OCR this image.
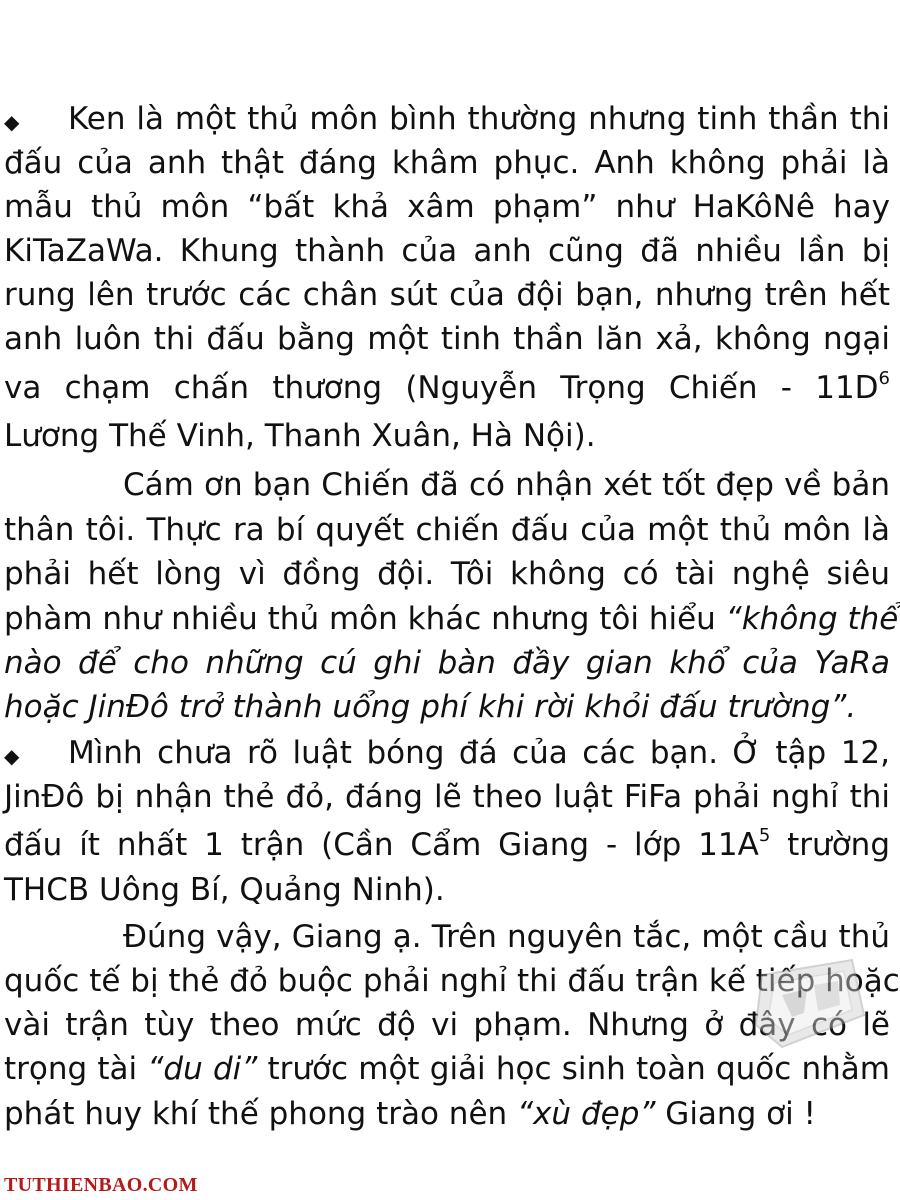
◆ Ken là một thủ môn bình thường nhưng tinh thần thi
đấu của anh thật đáng khâm phục. Anh không phải là
mẫu thủ môn “bất khả xâm phạm” như HaKôNê hay
KiTaZaWa. Khung thành của anh cũng đã nhiều lần bị
rung lên trước các chân sút của đội bạn, nhưng trên hết
anh luôn thi đấu bằng một tinh thần lăn xả, không ngại
va chạm chấn thương (Nguyễn Trọng Chiến - $11D^6$
Lương Thế Vinh, Thanh Xuân, Hà Nội).
Cám ơn bạn Chiến đã có nhận xét tốt đẹp về bản
thân tôi. Thực ra bí quyết chiến đấu của một thủ môn là
phải hết lòng vì đồng đội. Tôi không có tài nghệ siêu
phàm như nhiều thủ môn khác nhưng tôi hiểu “không thể
nào để cho những cú ghi bàn đầy gian khổ của YaRa
hoặc JinĐô trở thành uổng phí khi rời khỏi đấu trường”.
◆ Mình chưa rõ luật bóng đá của các bạn. Ở tập 12,
JinĐô bị nhận thẻ đỏ, đáng lẽ theo luật FiFa phải nghỉ thi
đấu ít nhất 1 trận (Cần Cẩm Giang - lớp $11A^5$ trường
THCB Uông Bí, Quảng Ninh).
Đúng vậy, Giang ạ. Trên nguyên tắc, một cầu thủ
quốc tế bị thẻ đỏ buộc phải nghỉ thi đấu trận kế tiếp hoặc
vài trận tùy theo mức độ vi phạm. Nhưng ở đây có lẽ
trọng tài “du di” trước một giải học sinh toàn quốc nhằm
phát huy khí thế phong trào nên “xù đẹp” Giang ơi !
TUTHIENBAO.COM
